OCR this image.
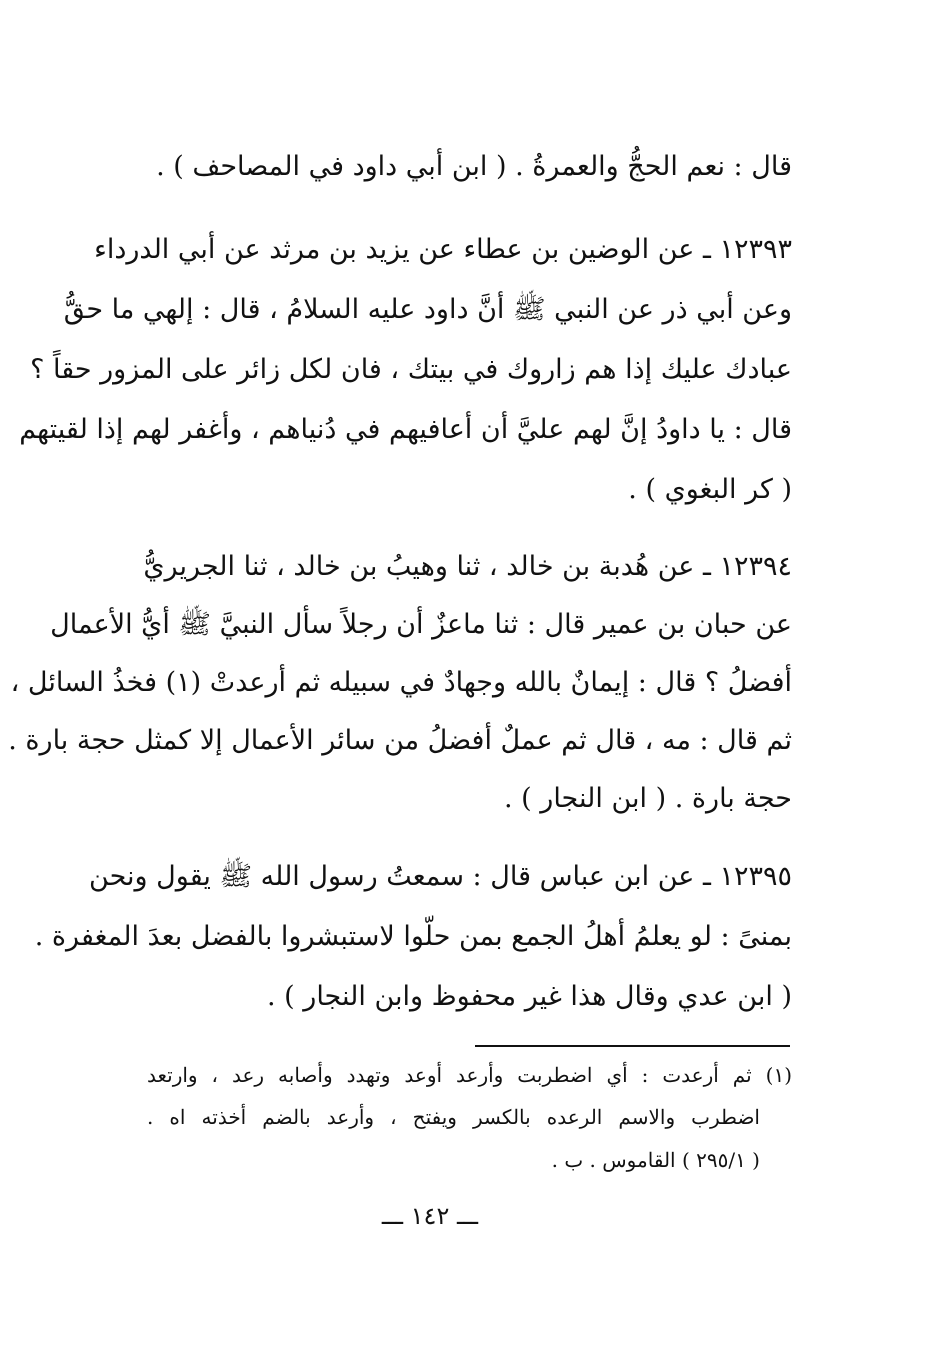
قال : نعم الحجُّ والعمرةُ . ( ابن أبي داود في المصاحف ) .
١٢٣٩٣ ـ عن الوضين بن عطاء عن يزيد بن مرثد عن أبي الدرداء
وعن أبي ذر عن النبي ﷺ أنَّ داود عليه السلامُ ، قال : إلهي ما حقُّ
عبادك عليك إذا هم زاروك في بيتك ، فان لكل زائر على المزور حقاً ؟
قال : يا داودُ إنَّ لهم عليَّ أن أعافيهم في دُنياهم ، وأغفر لهم إذا لقيتهم
( كر البغوي ) .
١٢٣٩٤ ـ عن هُدبة بن خالد ، ثنا وهيبُ بن خالد ، ثنا الجريريُّ
عن حبان بن عمير قال : ثنا ماعزٌ أن رجلاً سأل النبيَّ ﷺ أيُّ الأعمال
أفضلُ ؟ قال : إيمانٌ بالله وجهادٌ في سبيله ثم أرعدتْ (١) فخذُ السائل ،
ثم قال : مه ، قال ثم عملٌ أفضلُ من سائر الأعمال إلا كمثل حجة بارة .
حجة بارة . ( ابن النجار ) .
١٢٣٩٥ ـ عن ابن عباس قال : سمعتُ رسول الله ﷺ يقول ونحن
بمنىً : لو يعلمُ أهلُ الجمع بمن حلّوا لاستبشروا بالفضل بعدَ المغفرة .
( ابن عدي وقال هذا غير محفوظ وابن النجار ) .
(١) ثم أرعدت : أي اضطربت وأرعد أوعد وتهدد وأصابه رعد ، وارتعد
اضطرب والاسم الرعده بالكسر ويفتح ، وأرعد بالضم أخذته اه .
( ٢٩٥/١ ) القاموس . ب .
ـــ ١٤٢ ـــ
